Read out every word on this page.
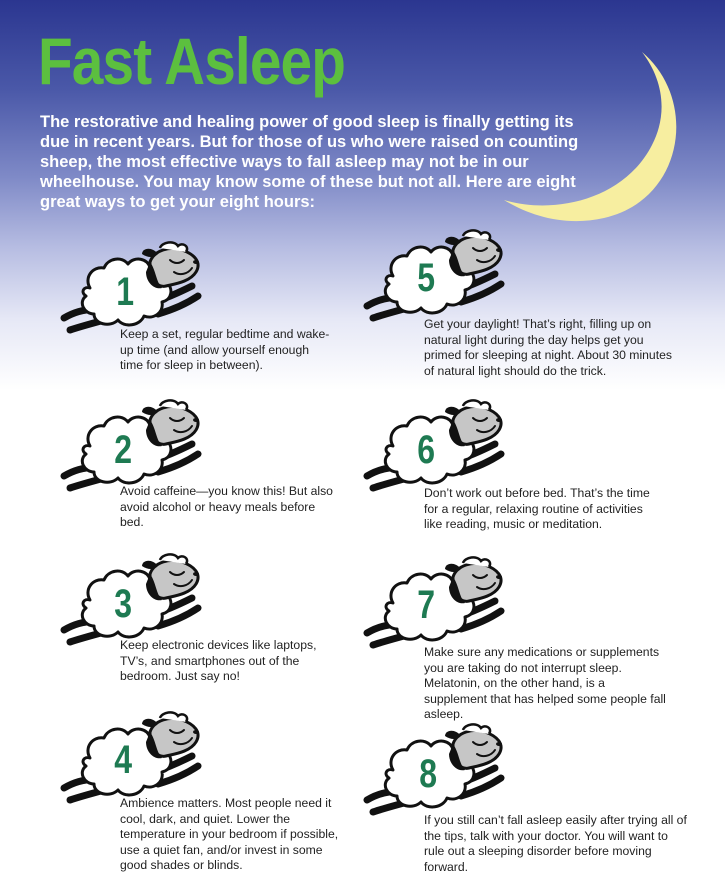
Fast Asleep

The restorative and healing power of good sleep is finally getting its due in recent years. But for those of us who were raised on counting sheep, the most effective ways to fall asleep may not be in our wheelhouse. You may know some of these but not all. Here are eight great ways to get your eight hours:

1

Keep a set, regular bedtime and wake-up time (and allow yourself enough time for sleep in between).

2

Avoid caffeine—you know this! But also avoid alcohol or heavy meals before bed.

3

Keep electronic devices like laptops, TV’s, and smartphones out of the bedroom. Just say no!

4

Ambience matters. Most people need it cool, dark, and quiet. Lower the temperature in your bedroom if possible, use a quiet fan, and/or invest in some good shades or blinds.

5

Get your daylight! That’s right, filling up on natural light during the day helps get you primed for sleeping at night. About 30 minutes of natural light should do the trick.

6

Don’t work out before bed. That’s the time for a regular, relaxing routine of activities like reading, music or meditation.

7

Make sure any medications or supplements you are taking do not interrupt sleep. Melatonin, on the other hand, is a supplement that has helped some people fall asleep.

8

If you still can’t fall asleep easily after trying all of the tips, talk with your doctor. You will want to rule out a sleeping disorder before moving forward.
